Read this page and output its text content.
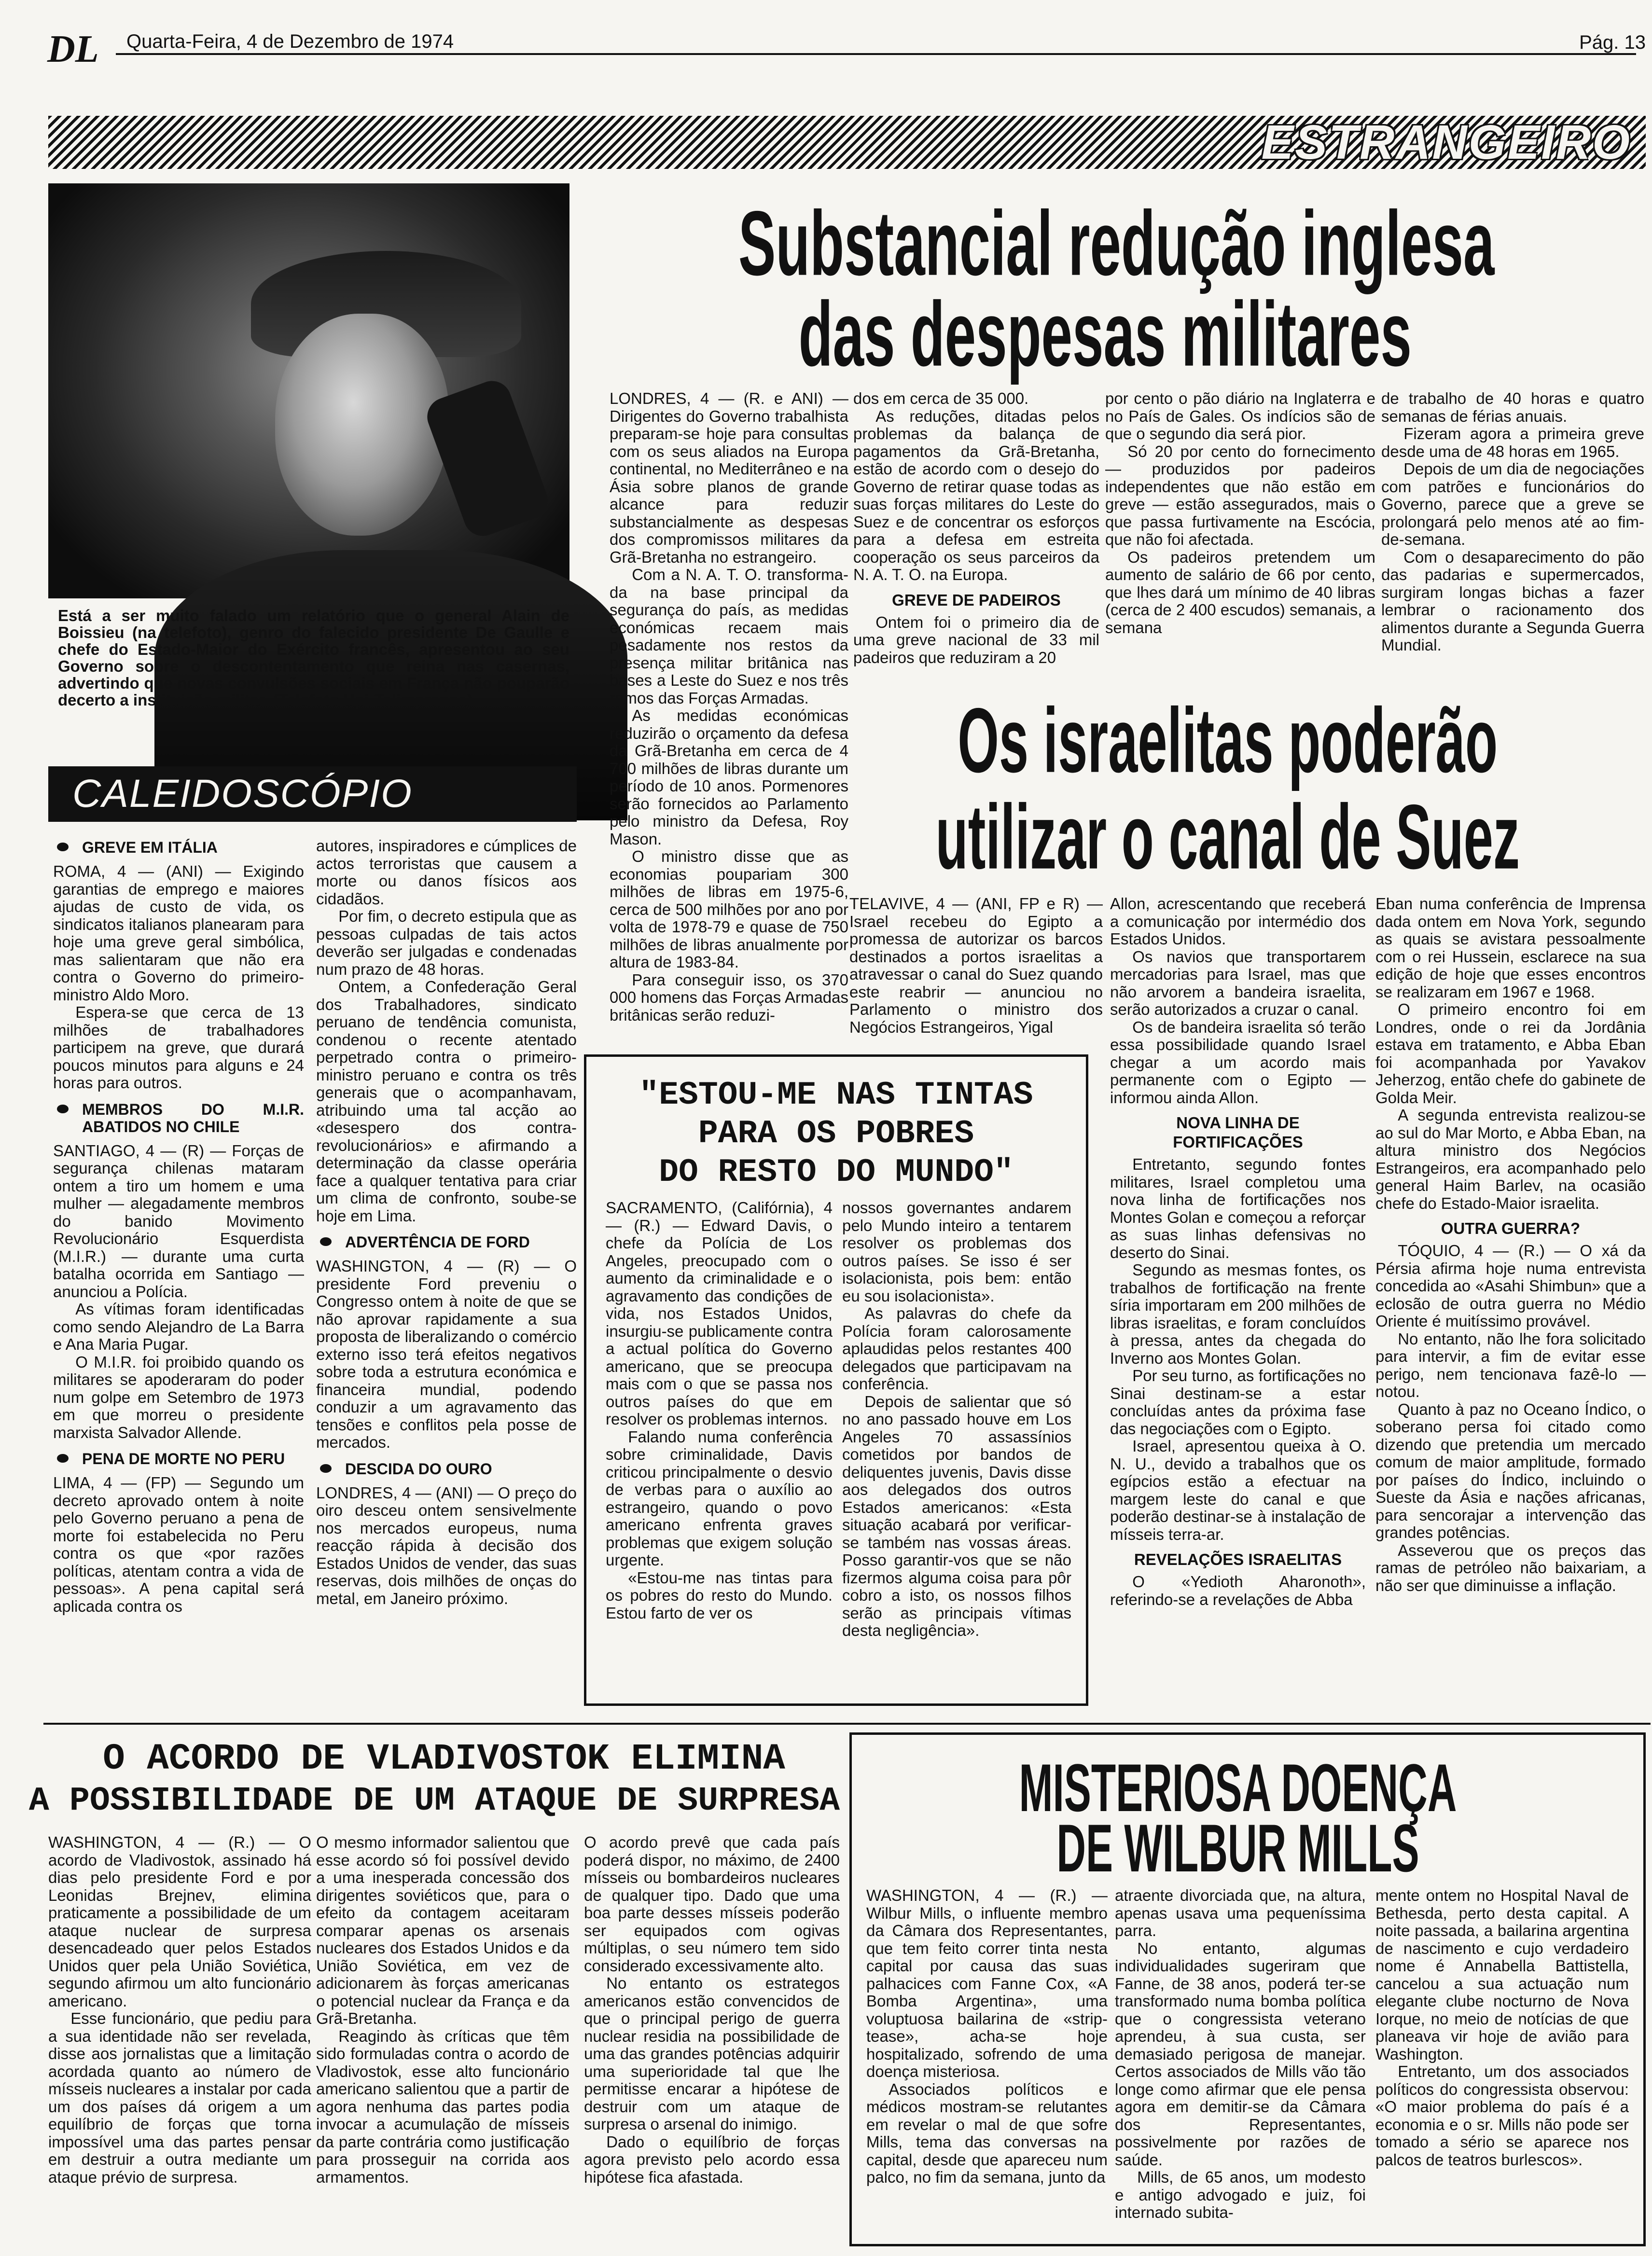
DL Quarta-Feira, 4 de Dezembro de 1974	Pág. 13
ESTRANGEIRO
Está a ser muito falado um relatório que o general Alain de Boissieu (na telefoto), genro do falecido presidente De Gaulle e chefe do Estado-Maior do Exército francês, apresentou ao seu Governo sobre o descontentamento que reina nas casernas, advertindo que novas convulsões sociais em França não pouparão decerto a instituição militar. (Telefoto Upi-Telimprensa)
Substancial redução inglesa
das despesas militares

LONDRES, 4 — (R. e ANI) — Dirigentes do Governo trabalhista preparam-se hoje para consultas com os seus aliados na Europa continental, no Mediterrâneo e na Ásia sobre planos de grande alcance para reduzir substancialmente as despesas dos compromissos militares da Grã-Bretanha no estrangeiro.

Com a N. A. T. O. transforma-da na base principal da segurança do país, as medidas económicas recaem mais pesadamente nos restos da presença militar britânica nas bases a Leste do Suez e nos três ramos das Forças Armadas.

As medidas económicas reduzirão o orçamento da defesa da Grã-Bretanha em cerca de 4 700 milhões de libras durante um período de 10 anos. Pormenores serão fornecidos ao Parlamento pelo ministro da Defesa, Roy Mason.

O ministro disse que as economias poupariam 300 milhões de libras em 1975-6, cerca de 500 milhões por ano por volta de 1978-79 e quase de 750 milhões de libras anualmente por altura de 1983-84.

Para conseguir isso, os 370 000 homens das Forças Armadas britânicas serão reduzi-

dos em cerca de 35 000.

As reduções, ditadas pelos problemas da balança de pagamentos da Grã-Bretanha, estão de acordo com o desejo do Governo de retirar quase todas as suas forças militares do Leste do Suez e de concentrar os esforços para a defesa em estreita cooperação os seus parceiros da N. A. T. O. na Europa.

GREVE DE PADEIROS

Ontem foi o primeiro dia de uma greve nacional de 33 mil padeiros que reduziram a 20

por cento o pão diário na Inglaterra e no País de Gales. Os indícios são de que o segundo dia será pior.

Só 20 por cento do fornecimento — produzidos por padeiros independentes que não estão em greve — estão assegurados, mais o que passa furtivamente na Escócia, que não foi afectada.

Os padeiros pretendem um aumento de salário de 66 por cento, que lhes dará um mínimo de 40 libras (cerca de 2 400 escudos) semanais, a semana

de trabalho de 40 horas e quatro semanas de férias anuais.

Fizeram agora a primeira greve desde uma de 48 horas em 1965.

Depois de um dia de negociações com patrões e funcionários do Governo, parece que a greve se prolongará pelo menos até ao fim-de-semana.

Com o desaparecimento do pão das padarias e supermercados, surgiram longas bichas a fazer lembrar o racionamento dos alimentos durante a Segunda Guerra Mundial.

CALEIDOSCÓPIO
GREVE EM ITÁLIA

ROMA, 4 — (ANI) — Exigindo garantias de emprego e maiores ajudas de custo de vida, os sindicatos italianos planearam para hoje uma greve geral simbólica, mas salientaram que não era contra o Governo do primeiro-ministro Aldo Moro.

Espera-se que cerca de 13 milhões de trabalhadores participem na greve, que durará poucos minutos para alguns e 24 horas para outros.

MEMBROS DO M.I.R. ABATIDOS NO CHILE

SANTIAGO, 4 — (R) — Forças de segurança chilenas mataram ontem a tiro um homem e uma mulher — alegadamente membros do banido Movimento Revolucionário Esquerdista (M.I.R.) — durante uma curta batalha ocorrida em Santiago — anunciou a Polícia.

As vítimas foram identificadas como sendo Alejandro de La Barra e Ana Maria Pugar.

O M.I.R. foi proibido quando os militares se apoderaram do poder num golpe em Setembro de 1973 em que morreu o presidente marxista Salvador Allende.

PENA DE MORTE NO PERU

LIMA, 4 — (FP) — Segundo um decreto aprovado ontem à noite pelo Governo peruano a pena de morte foi estabelecida no Peru contra os que «por razões políticas, atentam contra a vida de pessoas». A pena capital será aplicada contra os

autores, inspiradores e cúmplices de actos terroristas que causem a morte ou danos físicos aos cidadãos.

Por fim, o decreto estipula que as pessoas culpadas de tais actos deverão ser julgadas e condenadas num prazo de 48 horas.

Ontem, a Confederação Geral dos Trabalhadores, sindicato peruano de tendência comunista, condenou o recente atentado perpetrado contra o primeiro-ministro peruano e contra os três generais que o acompanhavam, atribuindo uma tal acção ao «desespero dos contra-revolucionários» e afirmando a determinação da classe operária face a qualquer tentativa para criar um clima de confronto, soube-se hoje em Lima.

ADVERTÊNCIA DE FORD

WASHINGTON, 4 — (R) — O presidente Ford preveniu o Congresso ontem à noite de que se não aprovar rapidamente a sua proposta de liberalizando o comércio externo isso terá efeitos negativos sobre toda a estrutura económica e financeira mundial, podendo conduzir a um agravamento das tensões e conflitos pela posse de mercados.

DESCIDA DO OURO

LONDRES, 4 — (ANI) — O preço do oiro desceu ontem sensivelmente nos mercados europeus, numa reacção rápida à decisão dos Estados Unidos de vender, das suas reservas, dois milhões de onças do metal, em Janeiro próximo.

Os israelitas poderão
utilizar o canal de Suez

TELAVIVE, 4 — (ANI, FP e R) — Israel recebeu do Egipto a promessa de autorizar os barcos destinados a portos israelitas a atravessar o canal do Suez quando este reabrir — anunciou no Parlamento o ministro dos Negócios Estrangeiros, Yigal

Allon, acrescentando que receberá a comunicação por intermédio dos Estados Unidos.

Os navios que transportarem mercadorias para Israel, mas que não arvorem a bandeira israelita, serão autorizados a cruzar o canal.

Os de bandeira israelita só terão essa possibilidade quando Israel chegar a um acordo mais permanente com o Egipto — informou ainda Allon.

NOVA LINHA DE FORTIFICAÇÕES

Entretanto, segundo fontes militares, Israel completou uma nova linha de fortificações nos Montes Golan e começou a reforçar as suas linhas defensivas no deserto do Sinai.

Segundo as mesmas fontes, os trabalhos de fortificação na frente síria importaram em 200 milhões de libras israelitas, e foram concluídos à pressa, antes da chegada do Inverno aos Montes Golan.

Por seu turno, as fortificações no Sinai destinam-se a estar concluídas antes da próxima fase das negociações com o Egipto.

Israel, apresentou queixa à O. N. U., devido a trabalhos que os egípcios estão a efectuar na margem leste do canal e que poderão destinar-se à instalação de mísseis terra-ar.

REVELAÇÕES ISRAELITAS

O «Yedioth Aharonoth», referindo-se a revelações de Abba

Eban numa conferência de Imprensa dada ontem em Nova York, segundo as quais se avistara pessoalmente com o rei Hussein, esclarece na sua edição de hoje que esses encontros se realizaram em 1967 e 1968.

O primeiro encontro foi em Londres, onde o rei da Jordânia estava em tratamento, e Abba Eban foi acompanhada por Yavakov Jeherzog, então chefe do gabinete de Golda Meir.

A segunda entrevista realizou-se ao sul do Mar Morto, e Abba Eban, na altura ministro dos Negócios Estrangeiros, era acompanhado pelo general Haim Barlev, na ocasião chefe do Estado-Maior israelita.

OUTRA GUERRA?

TÓQUIO, 4 — (R.) — O xá da Pérsia afirma hoje numa entrevista concedida ao «Asahi Shimbun» que a eclosão de outra guerra no Médio Oriente é muitíssimo provável.

No entanto, não lhe fora solicitado para intervir, a fim de evitar esse perigo, nem tencionava fazê-lo — notou.

Quanto à paz no Oceano Índico, o soberano persa foi citado como dizendo que pretendia um mercado comum de maior amplitude, formado por países do Índico, incluindo o Sueste da Ásia e nações africanas, para sencorajar a intervenção das grandes potências.

Asseverou que os preços das ramas de petróleo não baixariam, a não ser que diminuisse a inflação.

"ESTOU-ME NAS TINTAS
PARA OS POBRES
DO RESTO DO MUNDO"

SACRAMENTO, (Califórnia), 4 — (R.) — Edward Davis, o chefe da Polícia de Los Angeles, preocupado com o aumento da criminalidade e o agravamento das condições de vida, nos Estados Unidos, insurgiu-se publicamente contra a actual política do Governo americano, que se preocupa mais com o que se passa nos outros países do que em resolver os problemas internos.

Falando numa conferência sobre criminalidade, Davis criticou principalmente o desvio de verbas para o auxílio ao estrangeiro, quando o povo americano enfrenta graves problemas que exigem solução urgente.

«Estou-me nas tintas para os pobres do resto do Mundo. Estou farto de ver os

nossos governantes andarem pelo Mundo inteiro a tentarem resolver os problemas dos outros países. Se isso é ser isolacionista, pois bem: então eu sou isolacionista».

As palavras do chefe da Polícia foram calorosamente aplaudidas pelos restantes 400 delegados que participavam na conferência.

Depois de salientar que só no ano passado houve em Los Angeles 70 assassínios cometidos por bandos de deliquentes juvenis, Davis disse aos delegados dos outros Estados americanos: «Esta situação acabará por verificar-se também nas vossas áreas. Posso garantir-vos que se não fizermos alguma coisa para pôr cobro a isto, os nossos filhos serão as principais vítimas desta negligência».

O ACORDO DE VLADIVOSTOK ELIMINA
A POSSIBILIDADE DE UM ATAQUE DE SURPRESA

WASHINGTON, 4 — (R.) — O acordo de Vladivostok, assinado há dias pelo presidente Ford e por Leonidas Brejnev, elimina praticamente a possibilidade de um ataque nuclear de surpresa desencadeado quer pelos Estados Unidos quer pela União Soviética, segundo afirmou um alto funcionário americano.

Esse funcionário, que pediu para a sua identidade não ser revelada, disse aos jornalistas que a limitação acordada quanto ao número de mísseis nucleares a instalar por cada um dos países dá origem a um equilíbrio de forças que torna impossível uma das partes pensar em destruir a outra mediante um ataque prévio de surpresa.

O mesmo informador salientou que esse acordo só foi possível devido a uma inesperada concessão dos dirigentes soviéticos que, para o efeito da contagem aceitaram comparar apenas os arsenais nucleares dos Estados Unidos e da União Soviética, em vez de adicionarem às forças americanas o potencial nuclear da França e da Grã-Bretanha.

Reagindo às críticas que têm sido formuladas contra o acordo de Vladivostok, esse alto funcionário americano salientou que a partir de agora nenhuma das partes podia invocar a acumulação de mísseis da parte contrária como justificação para prosseguir na corrida aos armamentos.

O acordo prevê que cada país poderá dispor, no máximo, de 2400 mísseis ou bombardeiros nucleares de qualquer tipo. Dado que uma boa parte desses mísseis poderão ser equipados com ogivas múltiplas, o seu número tem sido considerado excessivamente alto.

No entanto os estrategos americanos estão convencidos de que o principal perigo de guerra nuclear residia na possibilidade de uma das grandes potências adquirir uma superioridade tal que lhe permitisse encarar a hipótese de destruir com um ataque de surpresa o arsenal do inimigo.

Dado o equilíbrio de forças agora previsto pelo acordo essa hipótese fica afastada.

MISTERIOSA DOENÇA
DE WILBUR MILLS

WASHINGTON, 4 — (R.) — Wilbur Mills, o influente membro da Câmara dos Representantes, que tem feito correr tinta nesta capital por causa das suas palhacices com Fanne Cox, «A Bomba Argentina», uma voluptuosa bailarina de «strip-tease», acha-se hoje hospitalizado, sofrendo de uma doença misteriosa.

Associados políticos e médicos mostram-se relutantes em revelar o mal de que sofre Mills, tema das conversas na capital, desde que apareceu num palco, no fim da semana, junto da

atraente divorciada que, na altura, apenas usava uma pequeníssima parra.

No entanto, algumas individualidades sugeriram que Fanne, de 38 anos, poderá ter-se transformado numa bomba política que o congressista veterano aprendeu, à sua custa, ser demasiado perigosa de manejar. Certos associados de Mills vão tão longe como afirmar que ele pensa agora em demitir-se da Câmara dos Representantes, possivelmente por razões de saúde.

Mills, de 65 anos, um modesto e antigo advogado e juiz, foi internado subita-

mente ontem no Hospital Naval de Bethesda, perto desta capital. A noite passada, a bailarina argentina de nascimento e cujo verdadeiro nome é Annabella Battistella, cancelou a sua actuação num elegante clube nocturno de Nova Iorque, no meio de notícias de que planeava vir hoje de avião para Washington.

Entretanto, um dos associados políticos do congressista observou: «O maior problema do país é a economia e o sr. Mills não pode ser tomado a sério se aparece nos palcos de teatros burlescos».
